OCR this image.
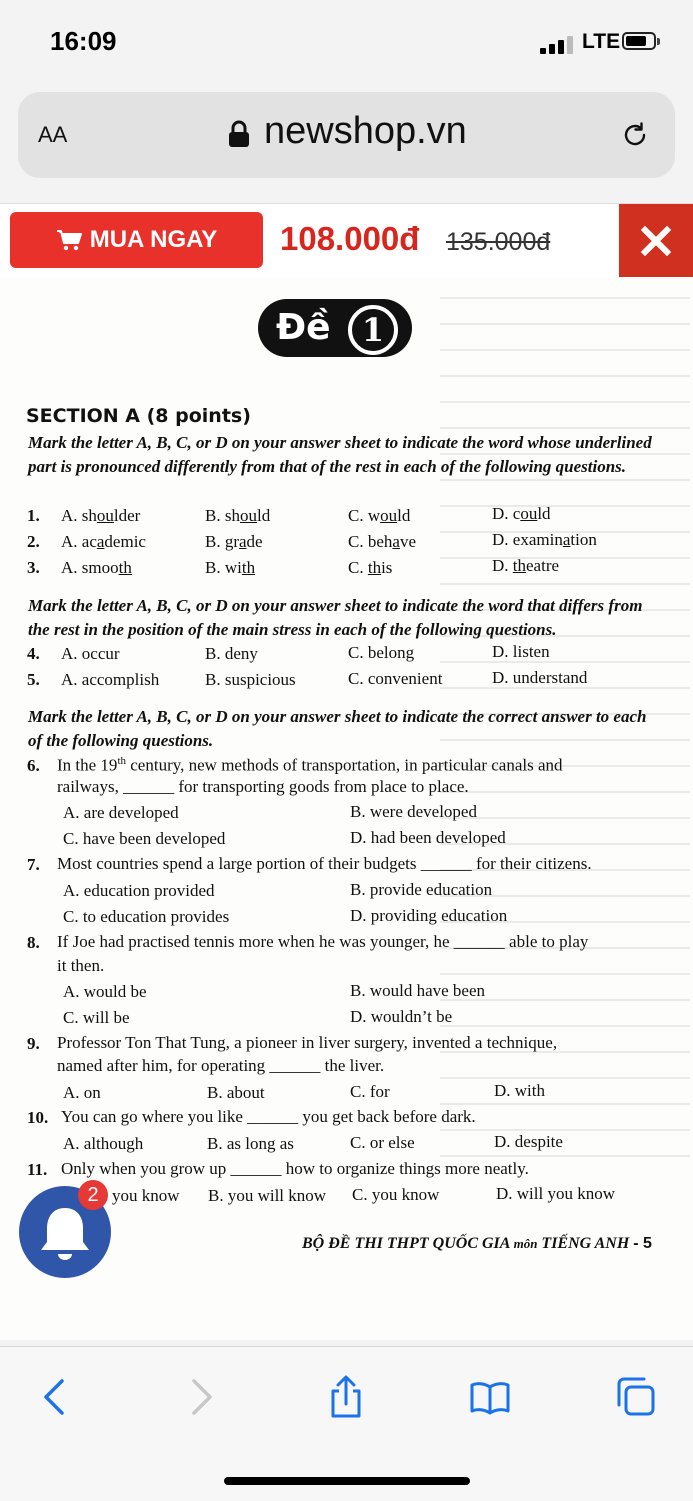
16:09	LTE
AA	newshop.vn
MUA NGAY 108.000đ 135.000đ
Đề 1
SECTION A (8 points)
Mark the letter A, B, C, or D on your answer sheet to indicate the word whose underlined part is pronounced differently from that of the rest in each of the following questions.
1. A. shoulder	B. should	C. would	D. could
2. A. academic	B. grade	C. behave	D. examination
3. A. smooth	B. with	C. this	D. theatre
Mark the letter A, B, C, or D on your answer sheet to indicate the word that differs from the rest in the position of the main stress in each of the following questions.
4. A. occur	B. deny	C. belong	D. listen
5. A. accomplish	B. suspicious	C. convenient	D. understand
Mark the letter A, B, C, or D on your answer sheet to indicate the correct answer to each of the following questions.
6. In the 19th century, new methods of transportation, in particular canals and
railways, ______ for transporting goods from place to place.
A. are developed	B. were developed
C. have been developed	D. had been developed
7. Most countries spend a large portion of their budgets ______ for their citizens.
A. education provided	B. provide education
C. to education provides	D. providing education
8. If Joe had practised tennis more when he was younger, he ______ able to play
it then.
A. would be	B. would have been
C. will be	D. wouldn’t be
9. Professor Ton That Tung, a pioneer in liver surgery, invented a technique,
named after him, for operating ______ the liver.
A. on	B. about	C. for	D. with
10. You can go where you like ______ you get back before dark.
A. although	B. as long as	C. or else	D. despite
11. Only when you grow up ______ how to organize things more neatly.
you know B. you will know C. you know	D. will you know
BỘ ĐỀ THI THPT QUỐC GIA môn TIẾNG ANH - 5
2
